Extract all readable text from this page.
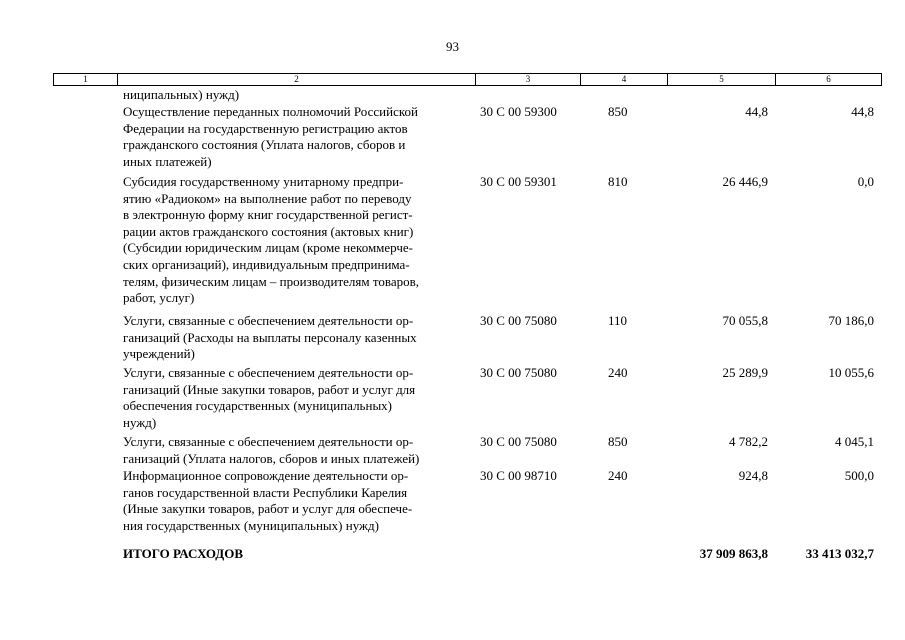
93
1	2	3	4	5	6
ниципальных) нужд)
Осуществление переданных полномочий Российской
Федерации на государственную регистрацию актов
гражданского состояния (Уплата налогов, сборов и
иных платежей)
30 С 00 59300	850	44,8	44,8
Субсидия государственному унитарному предпри-
ятию «Радиоком» на выполнение работ по переводу
в электронную форму книг государственной регист-
рации актов гражданского состояния (актовых книг)
(Субсидии юридическим лицам (кроме некоммерче-
ских организаций), индивидуальным предпринима-
телям, физическим лицам – производителям товаров,
работ, услуг)
30 С 00 59301	810	26 446,9	0,0
Услуги, связанные с обеспечением деятельности ор-
ганизаций (Расходы на выплаты персоналу казенных
учреждений)
30 С 00 75080	110	70 055,8	70 186,0
Услуги, связанные с обеспечением деятельности ор-
ганизаций (Иные закупки товаров, работ и услуг для
обеспечения государственных (муниципальных)
нужд)
30 С 00 75080	240	25 289,9	10 055,6
Услуги, связанные с обеспечением деятельности ор-
ганизаций (Уплата налогов, сборов и иных платежей)
30 С 00 75080	850	4 782,2	4 045,1
Информационное сопровождение деятельности ор-
ганов государственной власти Республики Карелия
(Иные закупки товаров, работ и услуг для обеспече-
ния государственных (муниципальных) нужд)
30 С 00 98710	240	924,8	500,0
ИТОГО РАСХОДОВ	37 909 863,8	33 413 032,7
